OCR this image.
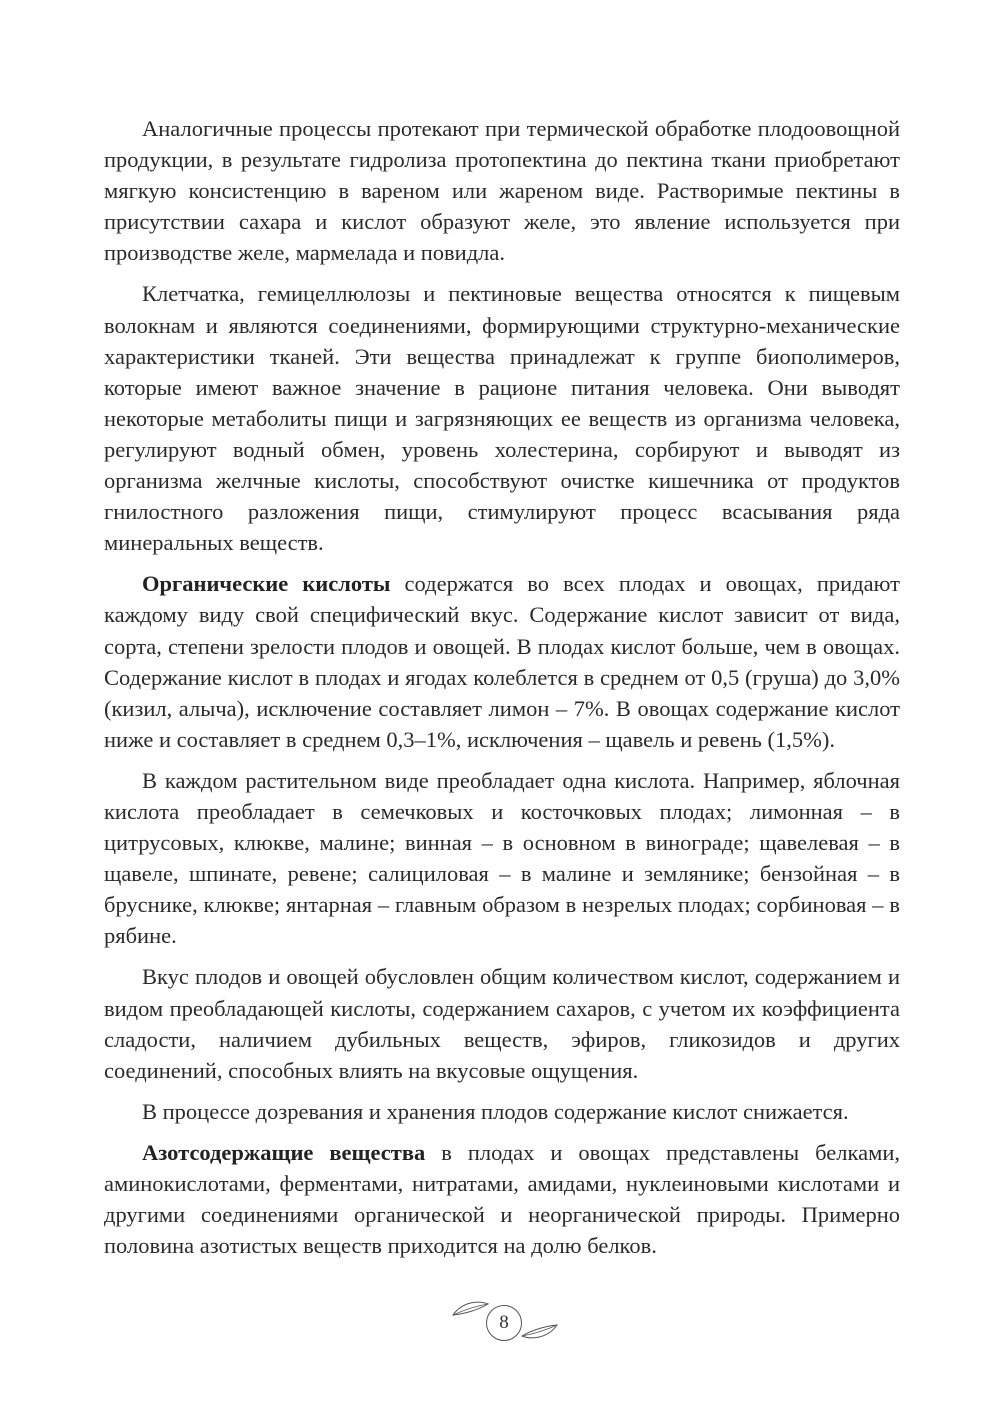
Аналогичные процессы протекают при термической обработке плодоовощной продукции, в результате гидролиза протопектина до пектина ткани приобретают мягкую консистенцию в вареном или жареном виде. Растворимые пектины в присутствии сахара и кислот образуют желе, это явление используется при производстве желе, мармелада и повидла.

Клетчатка, гемицеллюлозы и пектиновые вещества относятся к пищевым волокнам и являются соединениями, формирующими структурно-механические характеристики тканей. Эти вещества принадлежат к группе биополимеров, которые имеют важное значение в рационе питания человека. Они выводят некоторые метаболиты пищи и загрязняющих ее веществ из организма человека, регулируют водный обмен, уровень холестерина, сорбируют и выводят из организма желчные кислоты, способствуют очистке кишечника от продуктов гнилостного разложения пищи, стимулируют процесс всасывания ряда минеральных веществ.

Органические кислоты содержатся во всех плодах и овощах, придают каждому виду свой специфический вкус. Содержание кислот зависит от вида, сорта, степени зрелости плодов и овощей. В плодах кислот больше, чем в овощах. Содержание кислот в плодах и ягодах колеблется в среднем от 0,5 (груша) до 3,0% (кизил, алыча), исключение составляет лимон – 7%. В овощах содержание кислот ниже и составляет в среднем 0,3–1%, исключения – щавель и ревень (1,5%).

В каждом растительном виде преобладает одна кислота. Например, яблочная кислота преобладает в семечковых и косточковых плодах; лимонная – в цитрусовых, клюкве, малине; винная – в основном в винограде; щавелевая – в щавеле, шпинате, ревене; салициловая – в малине и землянике; бензойная – в бруснике, клюкве; янтарная – главным образом в незрелых плодах; сорбиновая – в рябине.

Вкус плодов и овощей обусловлен общим количеством кислот, содержанием и видом преобладающей кислоты, содержанием сахаров, с учетом их коэффициента сладости, наличием дубильных веществ, эфиров, гликозидов и других соединений, способных влиять на вкусовые ощущения.

В процессе дозревания и хранения плодов содержание кислот снижается.

Азотсодержащие вещества в плодах и овощах представлены белками, аминокислотами, ферментами, нитратами, амидами, нуклеиновыми кислотами и другими соединениями органической и неорганической природы. Примерно половина азотистых веществ приходится на долю белков.

8
